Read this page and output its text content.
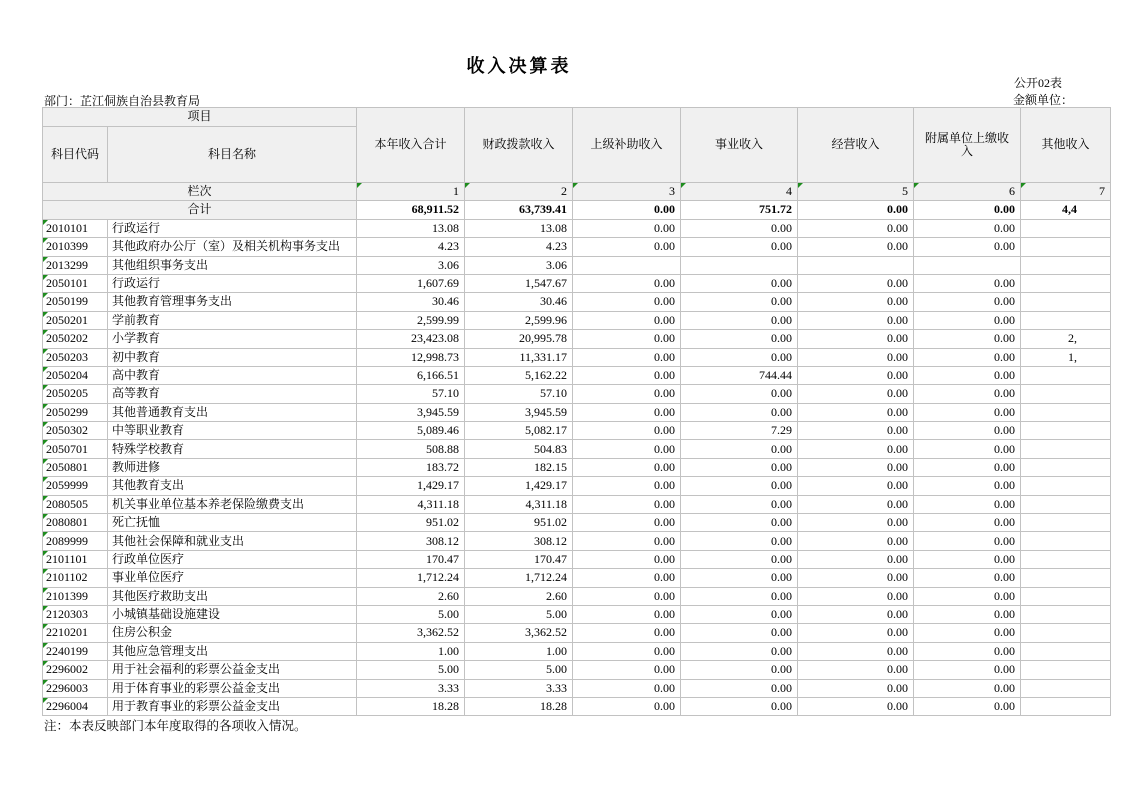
收入决算表
公开02表
金额单位：
部门：芷江侗族自治县教育局
项目		本年收入合计	财政拨款收入	上级补助收入	事业收入	经营收入	附属单位上缴收入	其他收入
科目代码	科目名称							
栏次		1	2	3	4	5	6	7
合计		68,911.52	63,739.41	0.00	751.72	0.00	0.00	4,4

2010101	行政运行	13.08	13.08	0.00	0.00	0.00	0.00	

2010399	其他政府办公厅（室）及相关机构事务支出	4.23	4.23	0.00	0.00	0.00	0.00	

2013299	其他组织事务支出	3.06	3.06					

2050101	行政运行	1,607.69	1,547.67	0.00	0.00	0.00	0.00	

2050199	其他教育管理事务支出	30.46	30.46	0.00	0.00	0.00	0.00	

2050201	学前教育	2,599.99	2,599.96	0.00	0.00	0.00	0.00	

2050202	小学教育	23,423.08	20,995.78	0.00	0.00	0.00	0.00	2,

2050203	初中教育	12,998.73	11,331.17	0.00	0.00	0.00	0.00	1,

2050204	高中教育	6,166.51	5,162.22	0.00	744.44	0.00	0.00	

2050205	高等教育	57.10	57.10	0.00	0.00	0.00	0.00	

2050299	其他普通教育支出	3,945.59	3,945.59	0.00	0.00	0.00	0.00	

2050302	中等职业教育	5,089.46	5,082.17	0.00	7.29	0.00	0.00	

2050701	特殊学校教育	508.88	504.83	0.00	0.00	0.00	0.00	

2050801	教师进修	183.72	182.15	0.00	0.00	0.00	0.00	

2059999	其他教育支出	1,429.17	1,429.17	0.00	0.00	0.00	0.00	

2080505	机关事业单位基本养老保险缴费支出	4,311.18	4,311.18	0.00	0.00	0.00	0.00	

2080801	死亡抚恤	951.02	951.02	0.00	0.00	0.00	0.00	

2089999	其他社会保障和就业支出	308.12	308.12	0.00	0.00	0.00	0.00	

2101101	行政单位医疗	170.47	170.47	0.00	0.00	0.00	0.00	

2101102	事业单位医疗	1,712.24	1,712.24	0.00	0.00	0.00	0.00	

2101399	其他医疗救助支出	2.60	2.60	0.00	0.00	0.00	0.00	

2120303	小城镇基础设施建设	5.00	5.00	0.00	0.00	0.00	0.00	

2210201	住房公积金	3,362.52	3,362.52	0.00	0.00	0.00	0.00	

2240199	其他应急管理支出	1.00	1.00	0.00	0.00	0.00	0.00	

2296002	用于社会福利的彩票公益金支出	5.00	5.00	0.00	0.00	0.00	0.00	

2296003	用于体育事业的彩票公益金支出	3.33	3.33	0.00	0.00	0.00	0.00	

2296004	用于教育事业的彩票公益金支出	18.28	18.28	0.00	0.00	0.00	0.00	
注：本表反映部门本年度取得的各项收入情况。
